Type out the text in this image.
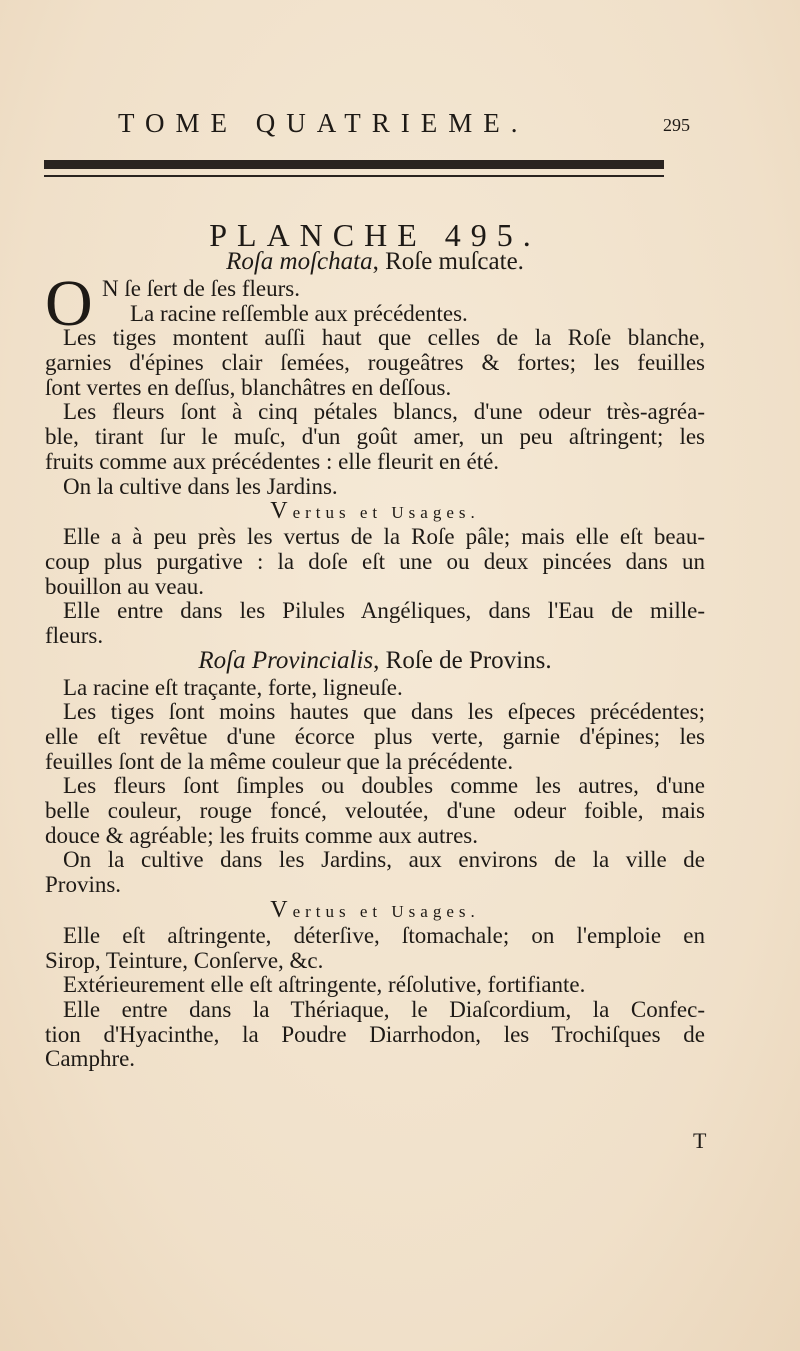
TOME QUATRIEME.	295
PLANCHE 495.
O
Roſa moſchata, Roſe muſcate.
N ſe ſert de ſes fleurs.
La racine reſſemble aux précédentes.
Les tiges montent auſſi haut que celles de la Roſe blanche,
garnies d'épines clair ſemées, rougeâtres & fortes; les feuilles
ſont vertes en deſſus, blanchâtres en deſſous.
Les fleurs ſont à cinq pétales blancs, d'une odeur très-agréa-
ble, tirant ſur le muſc, d'un goût amer, un peu aſtringent; les
fruits comme aux précédentes : elle fleurit en été.
On la cultive dans les Jardins.
Vertus et Usages.
Elle a à peu près les vertus de la Roſe pâle; mais elle eſt beau-
coup plus purgative : la doſe eſt une ou deux pincées dans un
bouillon au veau.
Elle entre dans les Pilules Angéliques, dans l'Eau de mille-
fleurs.
Roſa Provincialis, Roſe de Provins.
La racine eſt traçante, forte, ligneuſe.
Les tiges ſont moins hautes que dans les eſpeces précédentes;
elle eſt revêtue d'une écorce plus verte, garnie d'épines; les
feuilles ſont de la même couleur que la précédente.
Les fleurs ſont ſimples ou doubles comme les autres, d'une
belle couleur, rouge foncé, veloutée, d'une odeur foible, mais
douce & agréable; les fruits comme aux autres.
On la cultive dans les Jardins, aux environs de la ville de
Provins.
Vertus et Usages.
Elle eſt aſtringente, déterſive, ſtomachale; on l'emploie en
Sirop, Teinture, Conſerve, &c.
Extérieurement elle eſt aſtringente, réſolutive, fortifiante.
Elle entre dans la Thériaque, le Diaſcordium, la Confec-
tion d'Hyacinthe, la Poudre Diarrhodon, les Trochiſques de
Camphre.
T
